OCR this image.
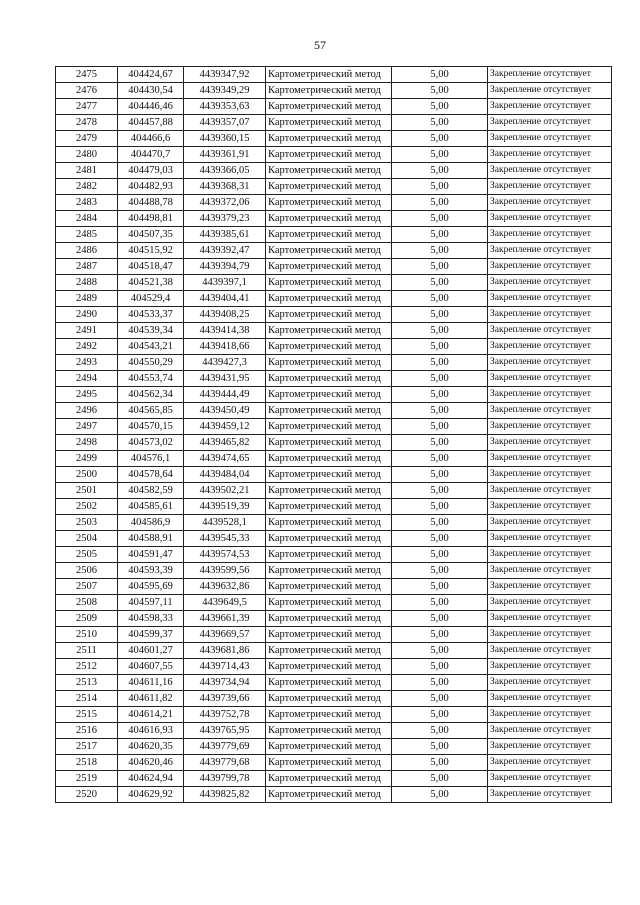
57
2475	404424,67	4439347,92	Картометрический метод	5,00	Закрепление отсутствует
2476	404430,54	4439349,29	Картометрический метод	5,00	Закрепление отсутствует
2477	404446,46	4439353,63	Картометрический метод	5,00	Закрепление отсутствует
2478	404457,88	4439357,07	Картометрический метод	5,00	Закрепление отсутствует
2479	404466,6	4439360,15	Картометрический метод	5,00	Закрепление отсутствует
2480	404470,7	4439361,91	Картометрический метод	5,00	Закрепление отсутствует
2481	404479,03	4439366,05	Картометрический метод	5,00	Закрепление отсутствует
2482	404482,93	4439368,31	Картометрический метод	5,00	Закрепление отсутствует
2483	404488,78	4439372,06	Картометрический метод	5,00	Закрепление отсутствует
2484	404498,81	4439379,23	Картометрический метод	5,00	Закрепление отсутствует
2485	404507,35	4439385,61	Картометрический метод	5,00	Закрепление отсутствует
2486	404515,92	4439392,47	Картометрический метод	5,00	Закрепление отсутствует
2487	404518,47	4439394,79	Картометрический метод	5,00	Закрепление отсутствует
2488	404521,38	4439397,1	Картометрический метод	5,00	Закрепление отсутствует
2489	404529,4	4439404,41	Картометрический метод	5,00	Закрепление отсутствует
2490	404533,37	4439408,25	Картометрический метод	5,00	Закрепление отсутствует
2491	404539,34	4439414,38	Картометрический метод	5,00	Закрепление отсутствует
2492	404543,21	4439418,66	Картометрический метод	5,00	Закрепление отсутствует
2493	404550,29	4439427,3	Картометрический метод	5,00	Закрепление отсутствует
2494	404553,74	4439431,95	Картометрический метод	5,00	Закрепление отсутствует
2495	404562,34	4439444,49	Картометрический метод	5,00	Закрепление отсутствует
2496	404565,85	4439450,49	Картометрический метод	5,00	Закрепление отсутствует
2497	404570,15	4439459,12	Картометрический метод	5,00	Закрепление отсутствует
2498	404573,02	4439465,82	Картометрический метод	5,00	Закрепление отсутствует
2499	404576,1	4439474,65	Картометрический метод	5,00	Закрепление отсутствует
2500	404578,64	4439484,04	Картометрический метод	5,00	Закрепление отсутствует
2501	404582,59	4439502,21	Картометрический метод	5,00	Закрепление отсутствует
2502	404585,61	4439519,39	Картометрический метод	5,00	Закрепление отсутствует
2503	404586,9	4439528,1	Картометрический метод	5,00	Закрепление отсутствует
2504	404588,91	4439545,33	Картометрический метод	5,00	Закрепление отсутствует
2505	404591,47	4439574,53	Картометрический метод	5,00	Закрепление отсутствует
2506	404593,39	4439599,56	Картометрический метод	5,00	Закрепление отсутствует
2507	404595,69	4439632,86	Картометрический метод	5,00	Закрепление отсутствует
2508	404597,11	4439649,5	Картометрический метод	5,00	Закрепление отсутствует
2509	404598,33	4439661,39	Картометрический метод	5,00	Закрепление отсутствует
2510	404599,37	4439669,57	Картометрический метод	5,00	Закрепление отсутствует
2511	404601,27	4439681,86	Картометрический метод	5,00	Закрепление отсутствует
2512	404607,55	4439714,43	Картометрический метод	5,00	Закрепление отсутствует
2513	404611,16	4439734,94	Картометрический метод	5,00	Закрепление отсутствует
2514	404611,82	4439739,66	Картометрический метод	5,00	Закрепление отсутствует
2515	404614,21	4439752,78	Картометрический метод	5,00	Закрепление отсутствует
2516	404616,93	4439765,95	Картометрический метод	5,00	Закрепление отсутствует
2517	404620,35	4439779,69	Картометрический метод	5,00	Закрепление отсутствует
2518	404620,46	4439779,68	Картометрический метод	5,00	Закрепление отсутствует
2519	404624,94	4439799,78	Картометрический метод	5,00	Закрепление отсутствует
2520	404629,92	4439825,82	Картометрический метод	5,00	Закрепление отсутствует
